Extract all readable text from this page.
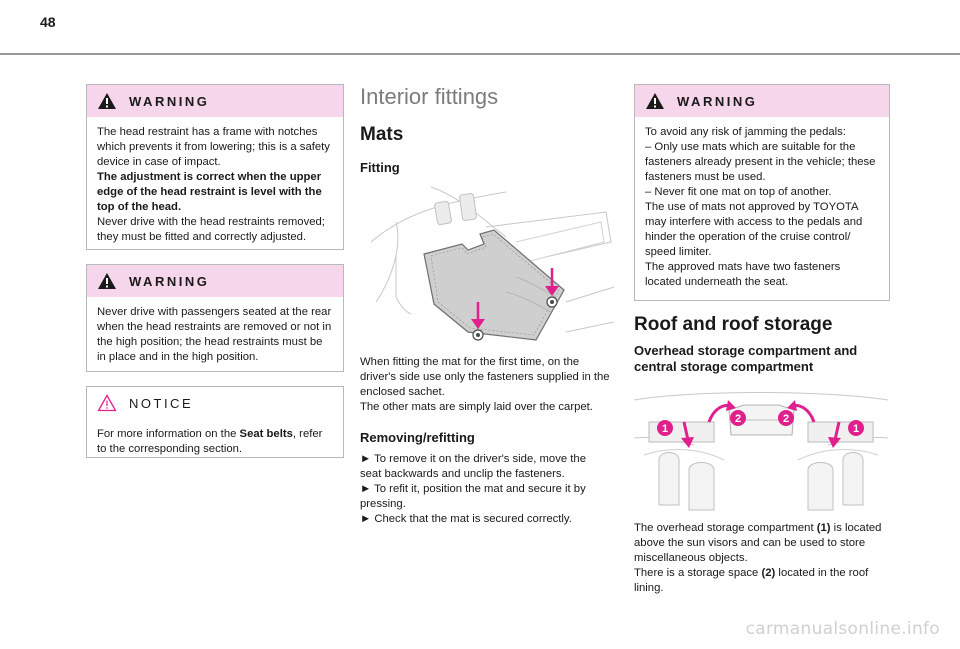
48
WARNING

The head restraint has a frame with notches which prevents it from lowering; this is a safety device in case of impact.

The adjustment is correct when the upper edge of the head restraint is level with the top of the head.

Never drive with the head restraints removed; they must be fitted and correctly adjusted.

WARNING

Never drive with passengers seated at the rear when the head restraints are removed or not in the high position; the head restraints must be in place and in the high position.

NOTICE

For more information on the Seat belts, refer to the corresponding section.

Interior fittings
Mats
Fitting

When fitting the mat for the first time, on the driver's side use only the fasteners supplied in the enclosed sachet.

The other mats are simply laid over the carpet.

Removing/refitting

► To remove it on the driver's side, move the seat backwards and unclip the fasteners.

► To refit it, position the mat and secure it by pressing.

► Check that the mat is secured correctly.

WARNING

To avoid any risk of jamming the pedals:

– Only use mats which are suitable for the fasteners already present in the vehicle; these fasteners must be used.

– Never fit one mat on top of another.

The use of mats not approved by TOYOTA may interfere with access to the pedals and hinder the operation of the cruise control/ speed limiter.

The approved mats have two fasteners located underneath the seat.

Roof and roof storage
Overhead storage compartment and central storage compartment
1
2	2
1

The overhead storage compartment (1) is located above the sun visors and can be used to store miscellaneous objects.

There is a storage space (2) located in the roof lining.

carmanualsonline.info
